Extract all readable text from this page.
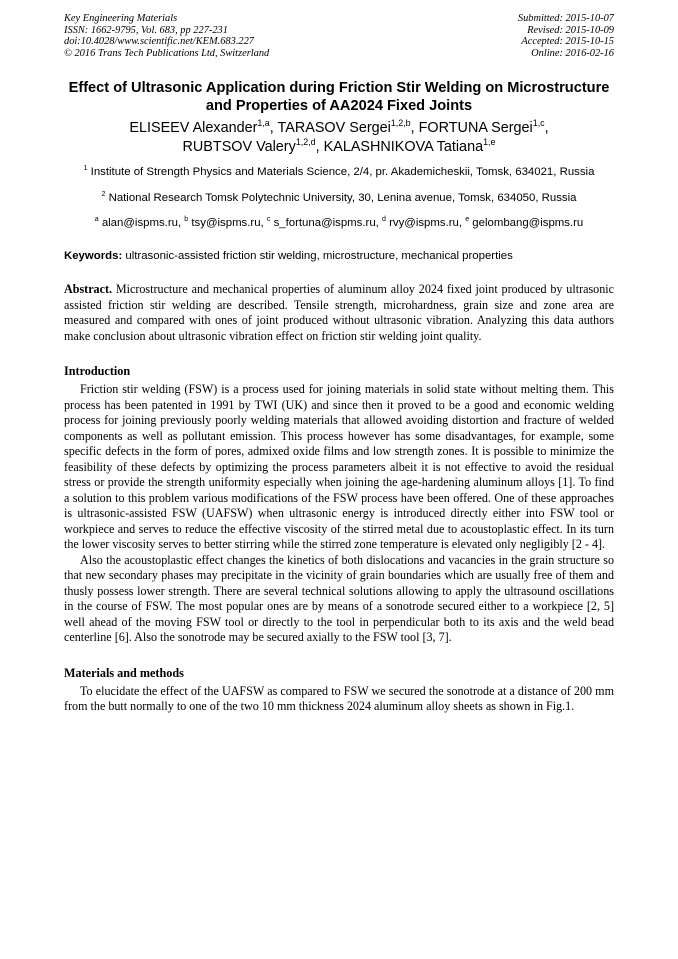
Key Engineering Materials
ISSN: 1662-9795, Vol. 683, pp 227-231
doi:10.4028/www.scientific.net/KEM.683.227
© 2016 Trans Tech Publications Ltd, Switzerland
Submitted: 2015-10-07
Revised: 2015-10-09
Accepted: 2015-10-15
Online: 2016-02-16
Effect of Ultrasonic Application during Friction Stir Welding on Microstructure and Properties of AA2024 Fixed Joints
ELISEEV Alexander$^{1,a}$, TARASOV Sergei$^{1,2,b}$, FORTUNA Sergei$^{1,c}$,
RUBTSOV Valery$^{1,2,d}$, KALASHNIKOVA Tatiana$^{1,e}$
$^1$ Institute of Strength Physics and Materials Science, 2/4, pr. Akademicheskii, Tomsk, 634021, Russia
$^2$ National Research Tomsk Polytechnic University, 30, Lenina avenue, Tomsk, 634050, Russia
$^a$ alan@ispms.ru, $^b$ tsy@ispms.ru, $^c$ s_fortuna@ispms.ru, $^d$ rvy@ispms.ru, $^e$ gelombang@ispms.ru
Keywords: ultrasonic-assisted friction stir welding, microstructure, mechanical properties
Abstract. Microstructure and mechanical properties of aluminum alloy 2024 fixed joint produced by ultrasonic assisted friction stir welding are described. Tensile strength, microhardness, grain size and zone area are measured and compared with ones of joint produced without ultrasonic vibration. Analyzing this data authors make conclusion about ultrasonic vibration effect on friction stir welding joint quality.
Introduction
Friction stir welding (FSW) is a process used for joining materials in solid state without melting them. This process has been patented in 1991 by TWI (UK) and since then it proved to be a good and economic welding process for joining previously poorly welding materials that allowed avoiding distortion and fracture of welded components as well as pollutant emission. This process however has some disadvantages, for example, some specific defects in the form of pores, admixed oxide films and low strength zones. It is possible to minimize the feasibility of these defects by optimizing the process parameters albeit it is not effective to avoid the residual stress or provide the strength uniformity especially when joining the age-hardening aluminum alloys [1]. To find a solution to this problem various modifications of the FSW process have been offered. One of these approaches is ultrasonic-assisted FSW (UAFSW) when ultrasonic energy is introduced directly either into FSW tool or workpiece and serves to reduce the effective viscosity of the stirred metal due to acoustoplastic effect. In its turn the lower viscosity serves to better stirring while the stirred zone temperature is elevated only negligibly [2 - 4].
Also the acoustoplastic effect changes the kinetics of both dislocations and vacancies in the grain structure so that new secondary phases may precipitate in the vicinity of grain boundaries which are usually free of them and thusly possess lower strength. There are several technical solutions allowing to apply the ultrasound oscillations in the course of FSW. The most popular ones are by means of a sonotrode secured either to a workpiece [2, 5] well ahead of the moving FSW tool or directly to the tool in perpendicular both to its axis and the weld bead centerline [6]. Also the sonotrode may be secured axially to the FSW tool [3, 7].
Materials and methods
To elucidate the effect of the UAFSW as compared to FSW we secured the sonotrode at a distance of 200 mm from the butt normally to one of the two 10 mm thickness 2024 aluminum alloy sheets as shown in Fig.1.
